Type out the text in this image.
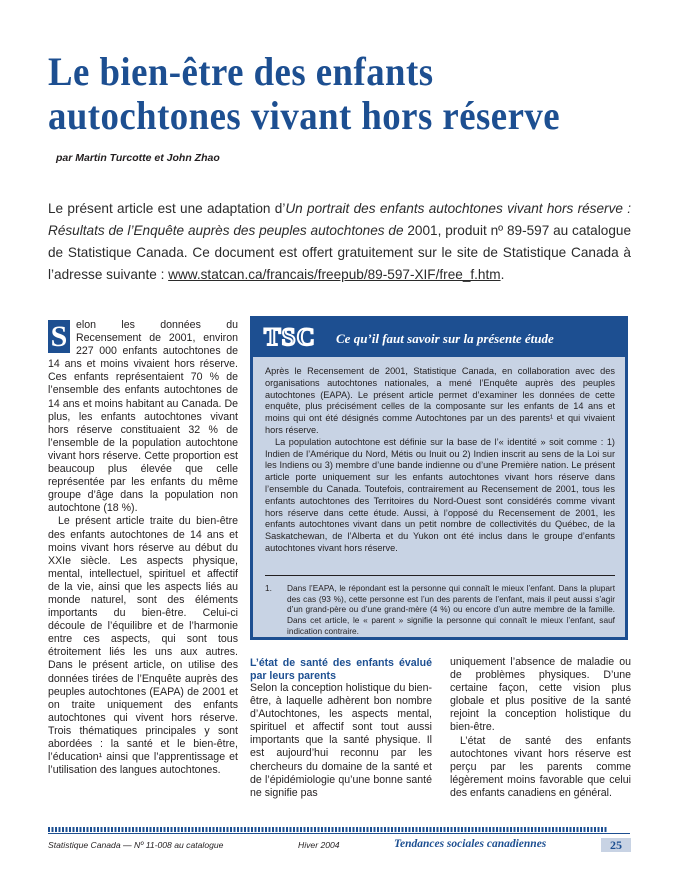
Le bien-être des enfants autochtones vivant hors réserve
par Martin Turcotte et John Zhao

Le présent article est une adaptation d’Un portrait des enfants autochtones vivant hors réserve : Résultats de l’Enquête auprès des peuples autochtones de 2001, produit nº 89-597 au catalogue de Statistique Canada. Ce document est offert gratuitement sur le site de Statistique Canada à l’adresse suivante : www.statcan.ca/francais/freepub/89-597-XIF/free_f.htm.

S elon les données du Recensement de 2001, environ 227 000 enfants autochtones de 14 ans et moins vivaient hors réserve. Ces enfants représentaient 70 % de l’ensemble des enfants autochtones de 14 ans et moins habitant au Canada. De plus, les enfants autochtones vivant hors réserve constituaient 32 % de l’ensemble de la population autochtone vivant hors réserve. Cette proportion est beaucoup plus élevée que celle représentée par les enfants du même groupe d’âge dans la population non autochtone (18 %).

Le présent article traite du bien-être des enfants autochtones de 14 ans et moins vivant hors réserve au début du XXIe siècle. Les aspects physique, mental, intellectuel, spirituel et affectif de la vie, ainsi que les aspects liés au monde naturel, sont des éléments importants du bien-être. Celui-ci découle de l’équilibre et de l’harmonie entre ces aspects, qui sont tous étroitement liés les uns aux autres. Dans le présent article, on utilise des données tirées de l’Enquête auprès des peuples autochtones (EAPA) de 2001 et on traite uniquement des enfants autochtones qui vivent hors réserve. Trois thématiques principales y sont abordées : la santé et le bien-être, l’éducation¹ ainsi que l’apprentissage et l’utilisation des langues autochtones.

TSC Ce qu’il faut savoir sur la présente étude

Après le Recensement de 2001, Statistique Canada, en collaboration avec des organisations autochtones nationales, a mené l’Enquête auprès des peuples autochtones (EAPA). Le présent article permet d’examiner les données de cette enquête, plus précisément celles de la composante sur les enfants de 14 ans et moins qui ont été désignés comme Autochtones par un des parents¹ et qui vivaient hors réserve.

La population autochtone est définie sur la base de l’« identité » soit comme : 1) Indien de l’Amérique du Nord, Métis ou Inuit ou 2) Indien inscrit au sens de la Loi sur les Indiens ou 3) membre d’une bande indienne ou d’une Première nation. Le présent article porte uniquement sur les enfants autochtones vivant hors réserve dans l’ensemble du Canada. Toutefois, contrairement au Recensement de 2001, tous les enfants autochtones des Territoires du Nord-Ouest sont considérés comme vivant hors réserve dans cette étude. Aussi, à l’opposé du Recensement de 2001, les enfants autochtones vivant dans un petit nombre de collectivités du Québec, de la Saskatchewan, de l’Alberta et du Yukon ont été inclus dans le groupe d’enfants autochtones vivant hors réserve.

1.	Dans l’EAPA, le répondant est la personne qui connaît le mieux l’enfant. Dans la plupart des cas (93 %), cette personne est l’un des parents de l’enfant, mais il peut aussi s’agir d’un grand-père ou d’une grand-mère (4 %) ou encore d’un autre membre de la famille. Dans cet article, le « parent » signifie la personne qui connaît le mieux l’enfant, sauf indication contraire.

L’état de santé des enfants évalué par leurs parents

Selon la conception holistique du bien-être, à laquelle adhèrent bon nombre d’Autochtones, les aspects mental, spirituel et affectif sont tout aussi importants que la santé physique. Il est aujourd’hui reconnu par les chercheurs du domaine de la santé et de l’épidémiologie qu’une bonne santé ne signifie pas

uniquement l’absence de maladie ou de problèmes physiques. D’une certaine façon, cette vision plus globale et plus positive de la santé rejoint la conception holistique du bien-être.

L’état de santé des enfants autochtones vivant hors réserve est perçu par les parents comme légèrement moins favorable que celui des enfants canadiens en général.

Statistique Canada — Nº 11-008 au catalogue	Hiver 2004	Tendances sociales canadiennes	25
